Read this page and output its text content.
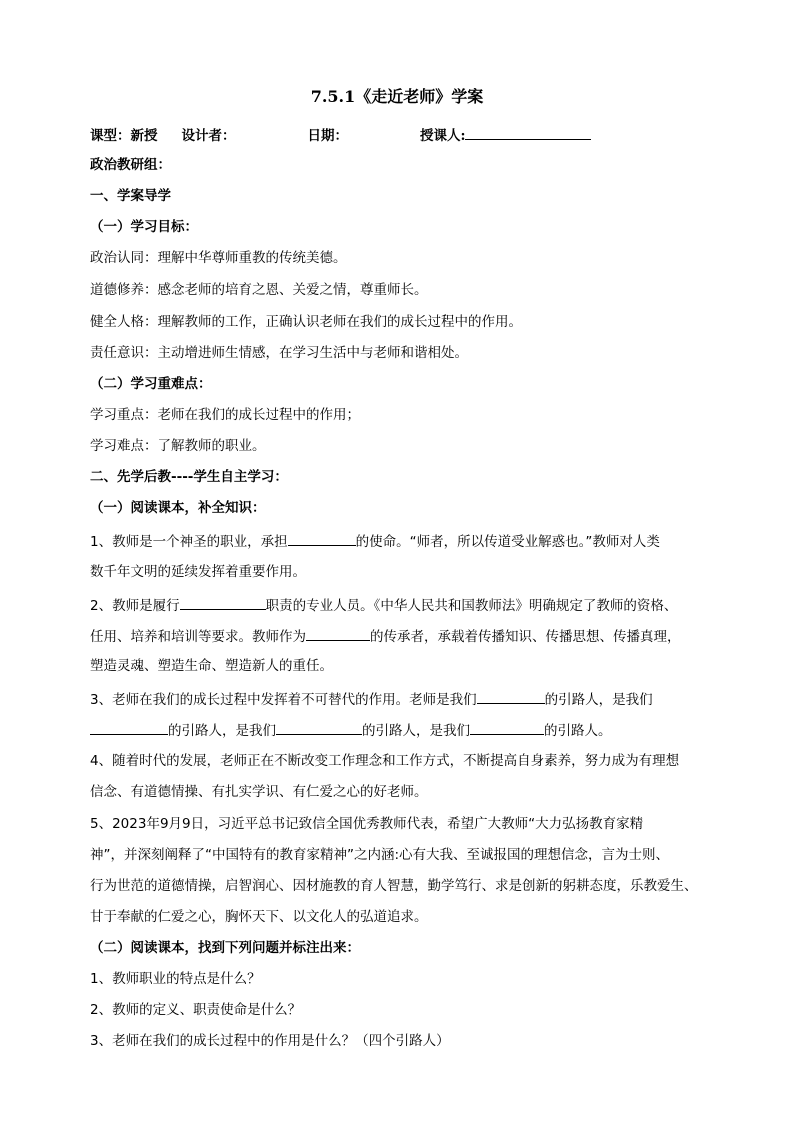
7.5.1《走近老师》学案
课型：新授 设计者：	日期：	授课人:
政治教研组：
一、学案导学
（一）学习目标：
政治认同：理解中华尊师重教的传统美德。
道德修养：感念老师的培育之恩、关爱之情，尊重师长。
健全人格：理解教师的工作，正确认识老师在我们的成长过程中的作用。
责任意识：主动增进师生情感，在学习生活中与老师和谐相处。
（二）学习重难点：
学习重点：老师在我们的成长过程中的作用；
学习难点：了解教师的职业。
二、先学后教----学生自主学习：
（一）阅读课本，补全知识：
1、教师是一个神圣的职业，承担	的使命。“师者，所以传道受业解惑也。”教师对人类
数千年文明的延续发挥着重要作用。
2、教师是履行	职责的专业人员。《中华人民共和国教师法》明确规定了教师的资格、
任用、培养和培训等要求。教师作为	的传承者，承载着传播知识、传播思想、传播真理，
塑造灵魂、塑造生命、塑造新人的重任。
3、老师在我们的成长过程中发挥着不可替代的作用。老师是我们	的引路人，是我们
的引路人，是我们	的引路人，是我们	的引路人。
4、随着时代的发展，老师正在不断改变工作理念和工作方式，不断提高自身素养，努力成为有理想
信念、有道德情操、有扎实学识、有仁爱之心的好老师。
5、2023年9月9日，习近平总书记致信全国优秀教师代表，希望广大教师“大力弘扬教育家精
神”，并深刻阐释了“中国特有的教育家精神”之内涵:心有大我、至诚报国的理想信念，言为士则、
行为世范的道德情操，启智润心、因材施教的育人智慧，勤学笃行、求是创新的躬耕态度，乐教爱生、
甘于奉献的仁爱之心，胸怀天下、以文化人的弘道追求。
（二）阅读课本，找到下列问题并标注出来：
1、教师职业的特点是什么？
2、教师的定义、职责使命是什么？
3、老师在我们的成长过程中的作用是什么？（四个引路人）
